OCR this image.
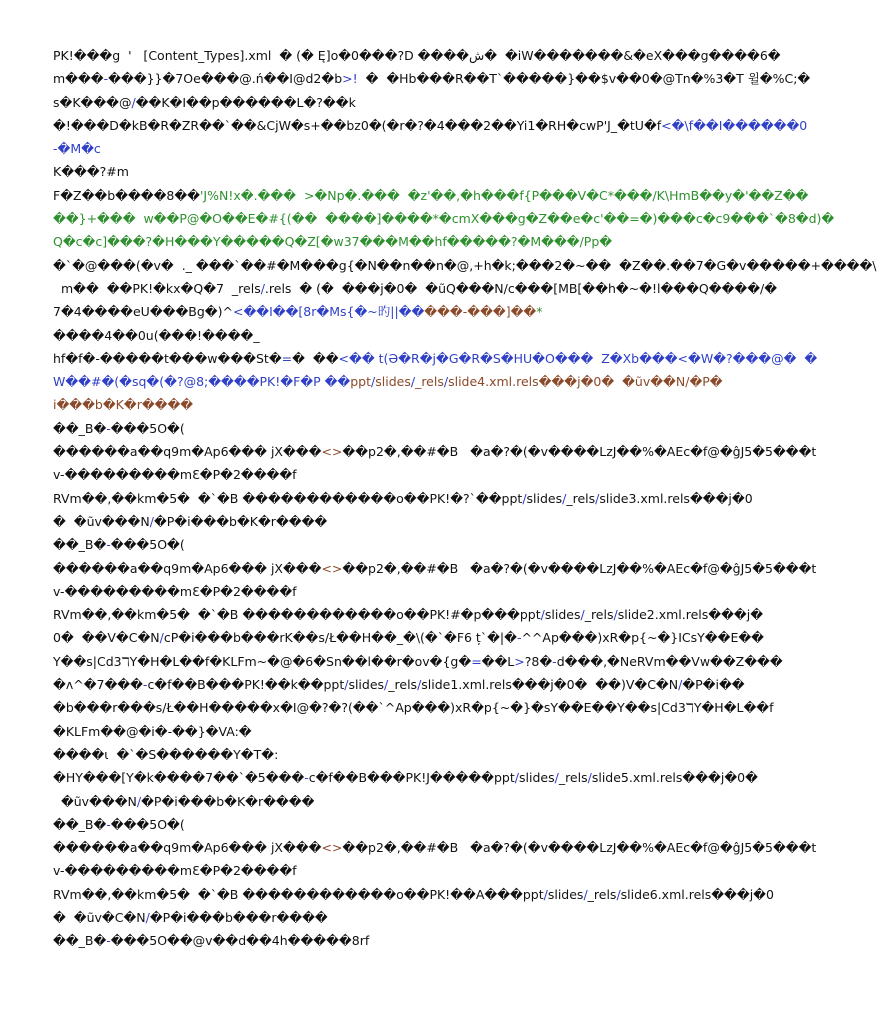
PK!���g  '   [Content_Types].xml  � (� Ę]o�0���?D ����ش�  �iW�������&�eX���g����6�
m���-���}}�7Oe���@.ń��I@d2�b>!  �  �Hb���R��T`�����}��$v��0�@Tn�%3�T 윌�%C;�
s�K���@/��K�I��p������L�?��k
�!���D�kB�R�ZR��`��&CjW�s+��bz0�(�r�?�4���2��Yi1�RH�cwP'J_�tU�f<�\f��I������0
-�M�c
K���?#m
F�Z��b����8��'J%N!x�.���  >�Np�.���  �z'��,�h���f{P���V�C*���/K\HmB��y�'��Z��
��}+���  w��P@�O��E�#{(��  ����]����*�cmX���g�Z��e�c'��=�)���c�c9���`�8�d)�
Q�c�c]���?�H���Y�����Q�Z[�w37���M��hf�����?�M���/Pp�
�`�@���(�v�  ._ ���`��#�M���g{�N��n��n�@,+h�k;���2�~��  �Z��.��7�G�v�����+����\
m��  ��PK!�kx�Q�7  _rels/.rels  � (�  ���j�0�  �ũQ���N/c���[MB[��h�~�!l���Q����/�
7�4����eU���Bg�)^<��I��[8r�Ms{�~旳||�����-���]��*
����4��0u(���!����_
hf�f�-�����t���w���St�=�  ��<�� t(Ə�R�j�G�R�S�HU�O���  Z�Xb���<�W�?���@�  �
W��#�(�sq�(�?@8;����PK!�F�P ��ppt/slides/_rels/slide4.xml.rels���j�0�  �ũv��N/�P�
i���b�K�r����
��_B�-���5O�(
������a��q9m�Ap6��� jX���<>��p2�,��#�B   �a�?�(�v����LzJ��%�AEc�f@�ĝJ5�5���t
v-���������mƐ�P�2����f
RVm��,��km�5�  �`�B ������������o��PK!�?`��ppt/slides/_rels/slide3.xml.rels���j�0
�  �ũv���N/�P�i���b�K�r����
��_B�-���5O�(
������a��q9m�Ap6��� jX���<>��p2�,��#�B   �a�?�(�v����LzJ��%�AEc�f@�ĝJ5�5���t
v-���������mƐ�P�2����f
RVm��,��km�5�  �`�B ������������o��PK!#�p���ppt/slides/_rels/slide2.xml.rels���j�
0�  ��V�C�N/cP�i���b���rK��s/Ł��H��_�\(�`�F6 ț`�|�-^^Ap���)xR�p{~�}ICsY��E��
Y��s|Cd3ℸY�H�L��f�KLFm~�@�6�Sn��l��r�ov�{g�=��L>?8�-d���,�NeRVm��Vw��Z���
�ʌ^�7���-c�f��B���PK!��k��ppt/slides/_rels/slide1.xml.rels���j�0�  ��)V�C�N/�P�i��
�b���r���s/Ł��H�����x�I@�?�?(��`^Ap���)xR�p{~�}�sY��E��Y��s|Cd3ℸY�H�L��f
�KLFm��@�i�-��}�VA:�
����ι  �`�S������Y�T�:
�HY���[Y�k����7��`�5���-c�f��B���PK!J�����ppt/slides/_rels/slide5.xml.rels���j�0�
�ũv���N/�P�i���b�K�r����
��_B�-���5O�(
������a��q9m�Ap6��� jX���<>��p2�,��#�B   �a�?�(�v����LzJ��%�AEc�f@�ĝJ5�5���t
v-���������mƐ�P�2����f
RVm��,��km�5�  �`�B ������������o��PK!��A���ppt/slides/_rels/slide6.xml.rels���j�0
�  �ũv�C�N/�P�i���b���r����
��_B�-���5O��@v��d��4h�����8rf
